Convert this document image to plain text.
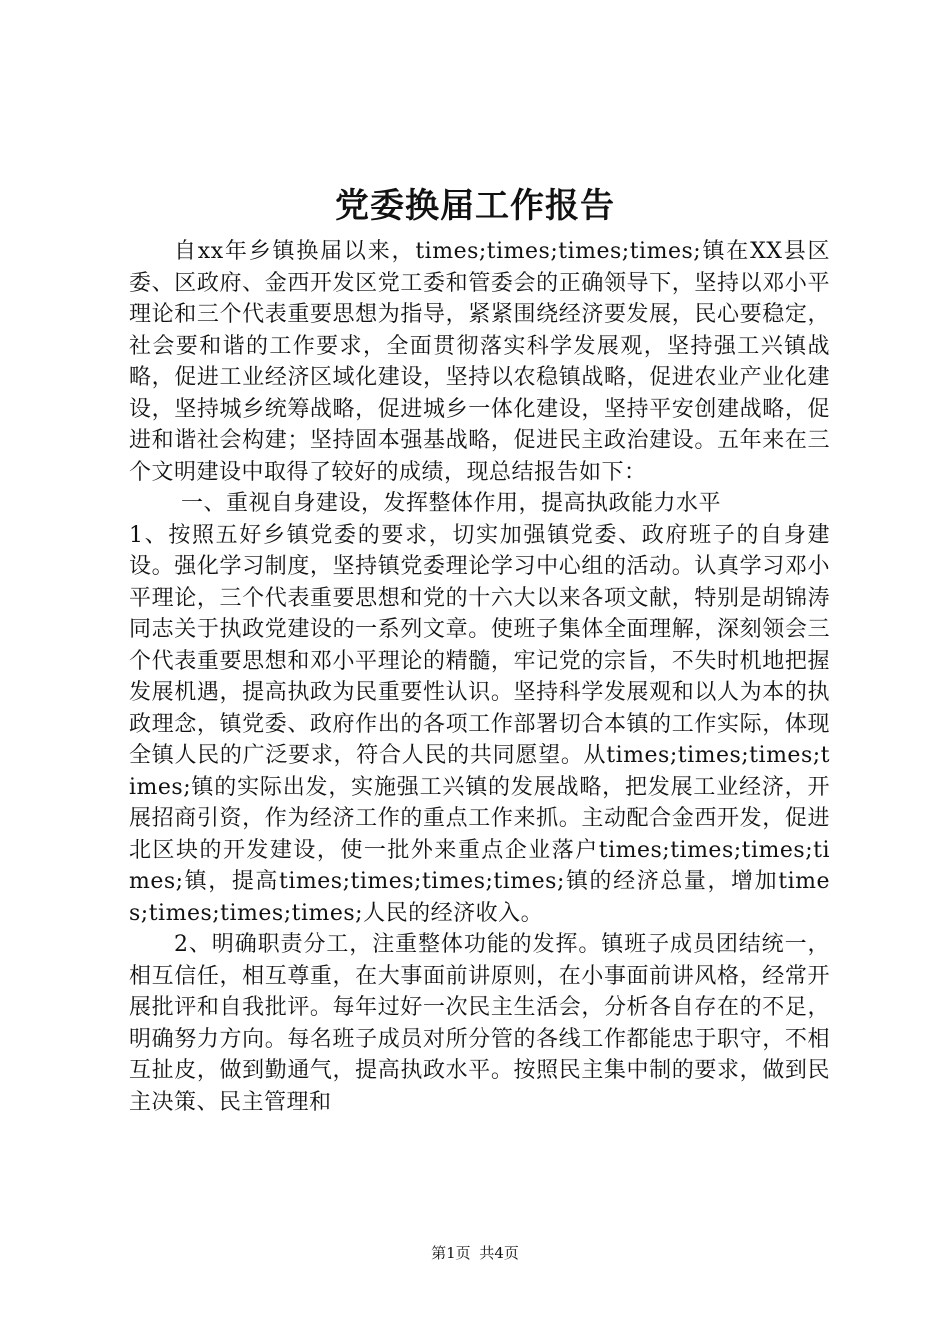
党委换届工作报告

自xx年乡镇换届以来，times;times;times;times;镇在XX县区委、区政府、金西开发区党工委和管委会的正确领导下，坚持以邓小平理论和三个代表重要思想为指导，紧紧围绕经济要发展，民心要稳定，社会要和谐的工作要求，全面贯彻落实科学发展观，坚持强工兴镇战略，促进工业经济区域化建设，坚持以农稳镇战略，促进农业产业化建设，坚持城乡统筹战略，促进城乡一体化建设，坚持平安创建战略，促进和谐社会构建；坚持固本强基战略，促进民主政治建设。五年来在三个文明建设中取得了较好的成绩，现总结报告如下：

一、重视自身建设，发挥整体作用，提高执政能力水平

1、按照五好乡镇党委的要求，切实加强镇党委、政府班子的自身建设。强化学习制度，坚持镇党委理论学习中心组的活动。认真学习邓小平理论，三个代表重要思想和党的十六大以来各项文献，特别是胡锦涛同志关于执政党建设的一系列文章。使班子集体全面理解，深刻领会三个代表重要思想和邓小平理论的精髓，牢记党的宗旨，不失时机地把握发展机遇，提高执政为民重要性认识。坚持科学发展观和以人为本的执政理念，镇党委、政府作出的各项工作部署切合本镇的工作实际，体现全镇人民的广泛要求，符合人民的共同愿望。从times;times;times;times;镇的实际出发，实施强工兴镇的发展战略，把发展工业经济，开展招商引资，作为经济工作的重点工作来抓。主动配合金西开发，促进北区块的开发建设，使一批外来重点企业落户times;times;times;times;镇，提高times;times;times;times;镇的经济总量，增加times;times;times;times;人民的经济收入。

2、明确职责分工，注重整体功能的发挥。镇班子成员团结统一，相互信任，相互尊重，在大事面前讲原则，在小事面前讲风格，经常开展批评和自我批评。每年过好一次民主生活会，分析各自存在的不足，明确努力方向。每名班子成员对所分管的各线工作都能忠于职守，不相互扯皮，做到勤通气，提高执政水平。按照民主集中制的要求，做到民主决策、民主管理和

第1页 共4页
